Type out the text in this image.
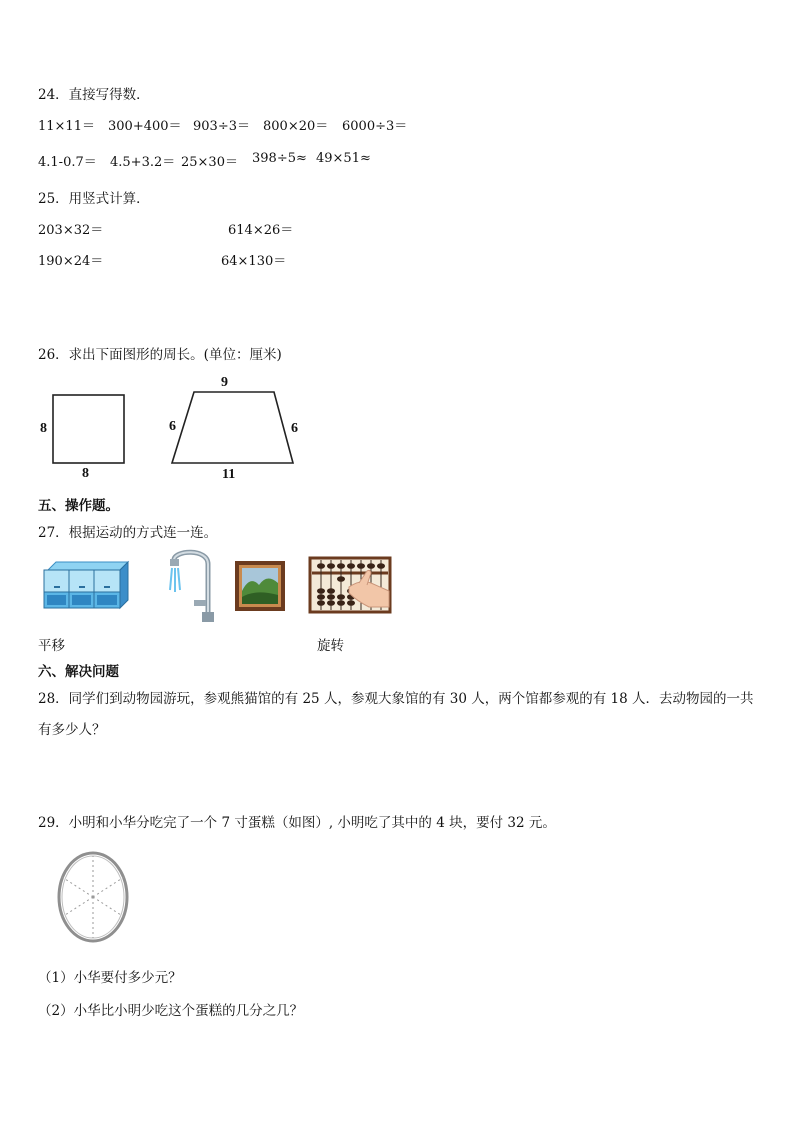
24．直接写得数．
11×11＝ 300+400＝ 903÷3＝ 800×20＝ 6000÷3＝
4.1-0.7＝ 4.5+3.2＝ 25×30＝ 398÷5≈ 49×51≈
25．用竖式计算．
203×32＝	614×26＝
190×24＝	64×130＝
26．求出下面图形的周长。(单位：厘米)
8
8
9
6	6
11
五、操作题。
27．根据运动的方式连一连。
平移	旋转
六、解决问题
28．同学们到动物园游玩，参观熊猫馆的有 25 人，参观大象馆的有 30 人，两个馆都参观的有 18 人．去动物园的一共
有多少人？
29．小明和小华分吃完了一个 7 寸蛋糕（如图）, 小明吃了其中的 4 块，要付 32 元。
（1）小华要付多少元？
（2）小华比小明少吃这个蛋糕的几分之几？
